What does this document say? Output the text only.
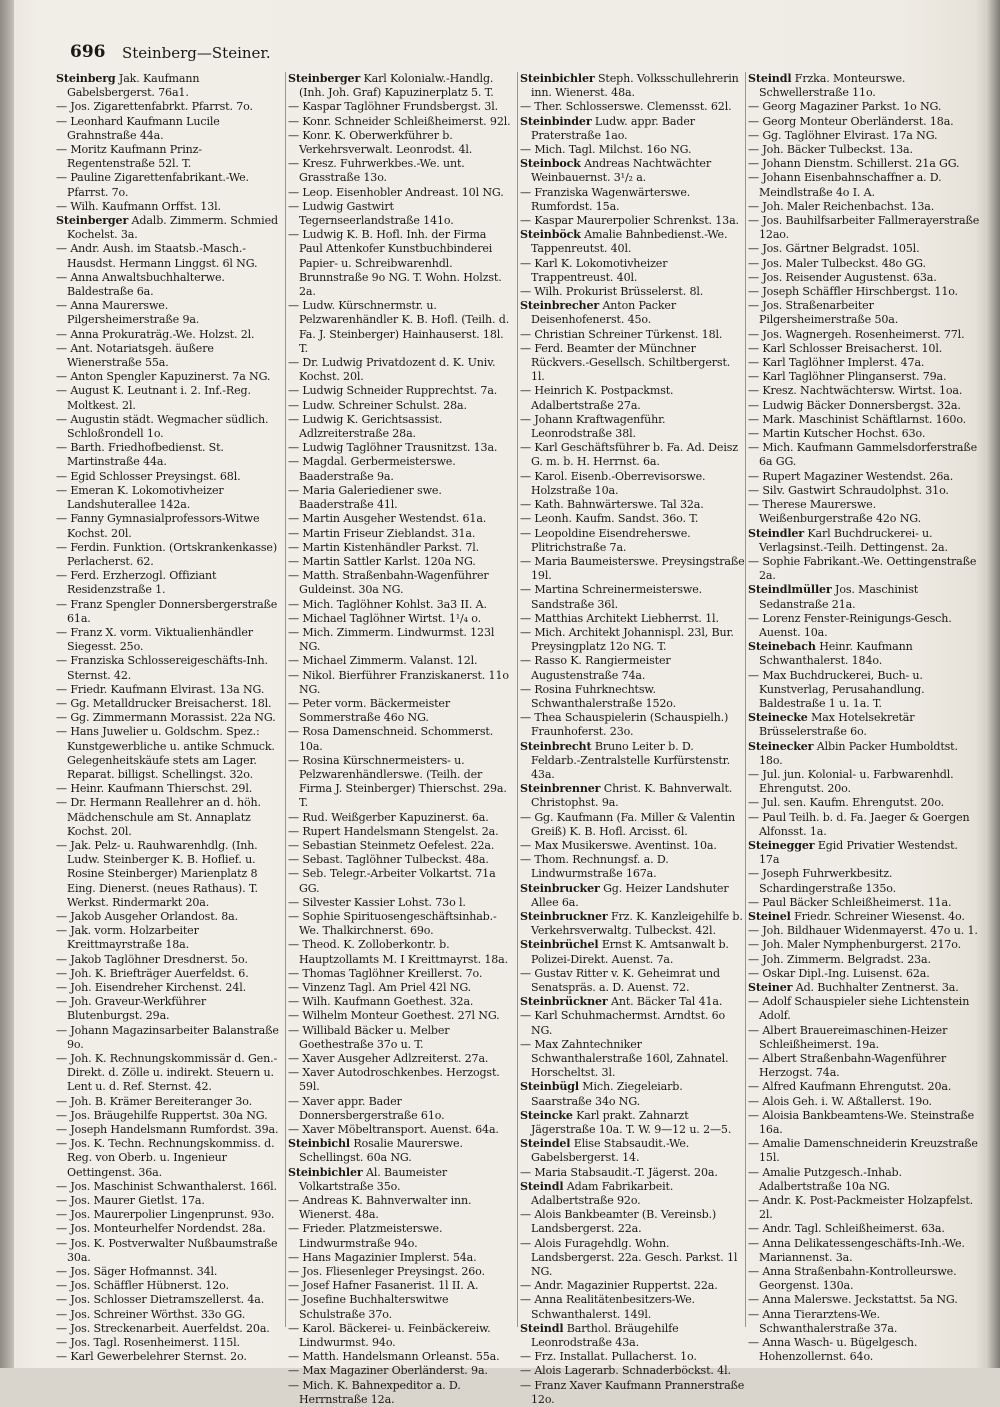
696 Steinberg—Steiner.

Steinberg Jak. Kaufmann Gabelsbergerst. 76a1.

— Jos. Zigarettenfabrkt. Pfarrst. 7o.

— Leonhard Kaufmann Lucile Grahnstraße 44a.

— Moritz Kaufmann Prinz-Regentenstraße 52l. T.

— Pauline Zigarettenfabrikant.-We. Pfarrst. 7o.

— Wilh. Kaufmann Orffst. 13l.

Steinberger Adalb. Zimmerm. Schmied Kochelst. 3a.

— Andr. Aush. im Staatsb.-Masch.-Hausdst. Hermann Linggst. 6l NG.

— Anna Anwaltsbuchhalterwe. Baldestraße 6a.

— Anna Maurerswe. Pilgersheimerstraße 9a.

— Anna Prokuraträg.-We. Holzst. 2l.

— Ant. Notariatsgeh. äußere Wienerstraße 55a.

— Anton Spengler Kapuzinerst. 7a NG.

— August K. Leutnant i. 2. Inf.-Reg. Moltkest. 2l.

— Augustin städt. Wegmacher südlich. Schloßrondell 1o.

— Barth. Friedhofbedienst. St. Martinstraße 44a.

— Egid Schlosser Preysingst. 68l.

— Emeran K. Lokomotivheizer Landshuterallee 142a.

— Fanny Gymnasialprofessors-Witwe Kochst. 20l.

— Ferdin. Funktion. (Ortskrankenkasse) Perlacherst. 62.

— Ferd. Erzherzogl. Offiziant Residenzstraße 1.

— Franz Spengler Donnersbergerstraße 61a.

— Franz X. vorm. Viktualienhändler Siegesst. 25o.

— Franziska Schlossereigeschäfts-Inh. Sternst. 42.

— Friedr. Kaufmann Elvirast. 13a NG.

— Gg. Metalldrucker Breisacherst. 18l.

— Gg. Zimmermann Morassist. 22a NG.

— Hans Juwelier u. Goldschm. Spez.: Kunstgewerbliche u. antike Schmuck. Gelegenheitskäufe stets am Lager. Reparat. billigst. Schellingst. 32o.

— Heinr. Kaufmann Thierschst. 29l.

— Dr. Hermann Reallehrer an d. höh. Mädchenschule am St. Annaplatz Kochst. 20l.

— Jak. Pelz- u. Rauhwarenhdlg. (Inh. Ludw. Steinberger K. B. Hoflief. u. Rosine Steinberger) Marienplatz 8 Eing. Dienerst. (neues Rathaus). T. Werkst. Rindermarkt 20a.

— Jakob Ausgeher Orlandost. 8a.

— Jak. vorm. Holzarbeiter Kreittmayrstraße 18a.

— Jakob Taglöhner Dresdnerst. 5o.

— Joh. K. Briefträger Auerfeldst. 6.

— Joh. Eisendreher Kirchenst. 24l.

— Joh. Graveur-Werkführer Blutenburgst. 29a.

— Johann Magazinsarbeiter Balanstraße 9o.

— Joh. K. Rechnungskommissär d. Gen.-Direkt. d. Zölle u. indirekt. Steuern u. Lent u. d. Ref. Sternst. 42.

— Joh. B. Krämer Bereiteranger 3o.

— Jos. Bräugehilfe Ruppertst. 30a NG.

— Joseph Handelsmann Rumfordst. 39a.

— Jos. K. Techn. Rechnungskommiss. d. Reg. von Oberb. u. Ingenieur Oettingenst. 36a.

— Jos. Maschinist Schwanthalerst. 166l.

— Jos. Maurer Gietlst. 17a.

— Jos. Maurerpolier Lingenprunst. 93o.

— Jos. Monteurhelfer Nordendst. 28a.

— Jos. K. Postverwalter Nußbaumstraße 30a.

— Jos. Säger Hofmannst. 34l.

— Jos. Schäffler Hübnerst. 12o.

— Jos. Schlosser Dietramszellerst. 4a.

— Jos. Schreiner Wörthst. 33o GG.

— Jos. Streckenarbeit. Auerfeldst. 20a.

— Jos. Tagl. Rosenheimerst. 115l.

— Karl Gewerbelehrer Sternst. 2o.

Steinberger Karl Kolonialw.-Handlg. (Inh. Joh. Graf) Kapuzinerplatz 5. T.

— Kaspar Taglöhner Frundsbergst. 3l.

— Konr. Schneider Schleißheimerst. 92l.

— Konr. K. Oberwerkführer b. Verkehrsverwalt. Leonrodst. 4l.

— Kresz. Fuhrwerkbes.-We. unt. Grasstraße 13o.

— Leop. Eisenhobler Andreast. 10l NG.

— Ludwig Gastwirt Tegernseerlandstraße 141o.

— Ludwig K. B. Hofl. Inh. der Firma Paul Attenkofer Kunstbuchbinderei Papier- u. Schreibwarenhdl. Brunnstraße 9o NG. T. Wohn. Holzst. 2a.

— Ludw. Kürschnermstr. u. Pelzwarenhändler K. B. Hofl. (Teilh. d. Fa. J. Steinberger) Hainhauserst. 18l. T.

— Dr. Ludwig Privatdozent d. K. Univ. Kochst. 20l.

— Ludwig Schneider Rupprechtst. 7a.

— Ludw. Schreiner Schulst. 28a.

— Ludwig K. Gerichtsassist. Adlzreiterstraße 28a.

— Ludwig Taglöhner Trausnitzst. 13a.

— Magdal. Gerbermeisterswe. Baaderstraße 9a.

— Maria Galeriediener swe. Baaderstraße 41l.

— Martin Ausgeher Westendst. 61a.

— Martin Friseur Zieblandst. 31a.

— Martin Kistenhändler Parkst. 7l.

— Martin Sattler Karlst. 120a NG.

— Matth. Straßenbahn-Wagenführer Guldeinst. 30a NG.

— Mich. Taglöhner Kohlst. 3a3 II. A.

— Michael Taglöhner Wirtst. 1¹/₄ o.

— Mich. Zimmerm. Lindwurmst. 123l NG.

— Michael Zimmerm. Valanst. 12l.

— Nikol. Bierführer Franziskanerst. 11o NG.

— Peter vorm. Bäckermeister Sommerstraße 46o NG.

— Rosa Damenschneid. Schommerst. 10a.

— Rosina Kürschnermeisters- u. Pelzwarenhändlerswe. (Teilh. der Firma J. Steinberger) Thierschst. 29a. T.

— Rud. Weißgerber Kapuzinerst. 6a.

— Rupert Handelsmann Stengelst. 2a.

— Sebastian Steinmetz Oefelest. 22a.

— Sebast. Taglöhner Tulbeckst. 48a.

— Seb. Telegr.-Arbeiter Volkartst. 71a GG.

— Silvester Kassier Lohst. 73o l.

— Sophie Spirituosengeschäftsinhab.-We. Thalkirchnerst. 69o.

— Theod. K. Zolloberkontr. b. Hauptzollamts M. I Kreittmayrst. 18a.

— Thomas Taglöhner Kreillerst. 7o.

— Vinzenz Tagl. Am Priel 42l NG.

— Wilh. Kaufmann Goethest. 32a.

— Wilhelm Monteur Goethest. 27l NG.

— Willibald Bäcker u. Melber Goethestraße 37o u. T.

— Xaver Ausgeher Adlzreiterst. 27a.

— Xaver Autodroschkenbes. Herzogst. 59l.

— Xaver appr. Bader Donnersbergerstraße 61o.

— Xaver Möbeltransport. Auenst. 64a.

Steinbichl Rosalie Maurerswe. Schellingst. 60a NG.

Steinbichler Al. Baumeister Volkartstraße 35o.

— Andreas K. Bahnverwalter inn. Wienerst. 48a.

— Frieder. Platzmeisterswe. Lindwurmstraße 94o.

— Hans Magazinier Implerst. 54a.

— Jos. Fliesenleger Preysingst. 26o.

— Josef Hafner Fasanerist. 1l II. A.

— Josefine Buchhalterswitwe Schulstraße 37o.

— Karol. Bäckerei- u. Feinbäckereiw. Lindwurmst. 94o.

— Matth. Handelsmann Orleanst. 55a.

— Max Magaziner Oberländerst. 9a.

— Mich. K. Bahnexpeditor a. D. Herrnstraße 12a.

Steinbichler Steph. Volksschullehrerin inn. Wienerst. 48a.

— Ther. Schlosserswe. Clemensst. 62l.

Steinbinder Ludw. appr. Bader Praterstraße 1ao.

— Mich. Tagl. Milchst. 16o NG.

Steinbock Andreas Nachtwächter Weinbauernst. 3¹/₂ a.

— Franziska Wagenwärterswe. Rumfordst. 15a.

— Kaspar Maurerpolier Schrenkst. 13a.

Steinböck Amalie Bahnbedienst.-We. Tappenreutst. 40l.

— Karl K. Lokomotivheizer Trappentreust. 40l.

— Wilh. Prokurist Brüsselerst. 8l.

Steinbrecher Anton Packer Deisenhofenerst. 45o.

— Christian Schreiner Türkenst. 18l.

— Ferd. Beamter der Münchner Rückvers.-Gesellsch. Schiltbergerst. 1l.

— Heinrich K. Postpackmst. Adalbertstraße 27a.

— Johann Kraftwagenführ. Leonrodstraße 38l.

— Karl Geschäftsführer b. Fa. Ad. Deisz G. m. b. H. Herrnst. 6a.

— Karol. Eisenb.-Oberrevisorswe. Holzstraße 10a.

— Kath. Bahnwärterswe. Tal 32a.

— Leonh. Kaufm. Sandst. 36o. T.

— Leopoldine Eisendreherswe. Plitrichstraße 7a.

— Maria Baumeisterswe. Preysingstraße 19l.

— Martina Schreinermeisterswe. Sandstraße 36l.

— Matthias Architekt Liebherrst. 1l.

— Mich. Architekt Johannispl. 23l, Bur. Preysingplatz 12o NG. T.

— Rasso K. Rangiermeister Augustenstraße 74a.

— Rosina Fuhrknechtsw. Schwanthalerstraße 152o.

— Thea Schauspielerin (Schauspielh.) Fraunhoferst. 23o.

Steinbrecht Bruno Leiter b. D. Feldarb.-Zentralstelle Kurfürstenstr. 43a.

Steinbrenner Christ. K. Bahnverwalt. Christophst. 9a.

— Gg. Kaufmann (Fa. Miller & Valentin Greiß) K. B. Hofl. Arcisst. 6l.

— Max Musikerswe. Aventinst. 10a.

— Thom. Rechnungsf. a. D. Lindwurmstraße 167a.

Steinbrucker Gg. Heizer Landshuter Allee 6a.

Steinbruckner Frz. K. Kanzleigehilfe b. Verkehrsverwaltg. Tulbeckst. 42l.

Steinbrüchel Ernst K. Amtsanwalt b. Polizei-Direkt. Auenst. 7a.

— Gustav Ritter v. K. Geheimrat und Senatspräs. a. D. Auenst. 72.

Steinbrückner Ant. Bäcker Tal 41a.

— Karl Schuhmachermst. Arndtst. 6o NG.

— Max Zahntechniker Schwanthalerstraße 160l, Zahnatel. Horscheltst. 3l.

Steinbügl Mich. Ziegeleiarb. Saarstraße 34o NG.

Steincke Karl prakt. Zahnarzt Jägerstraße 10a. T. W. 9—12 u. 2—5.

Steindel Elise Stabsaudit.-We. Gabelsbergerst. 14.

— Maria Stabsaudit.-T. Jägerst. 20a.

Steindl Adam Fabrikarbeit. Adalbertstraße 92o.

— Alois Bankbeamter (B. Vereinsb.) Landsbergerst. 22a.

— Alois Furagehdlg. Wohn. Landsbergerst. 22a. Gesch. Parkst. 1l NG.

— Andr. Magazinier Ruppertst. 22a.

— Anna Realitätenbesitzers-We. Schwanthalerst. 149l.

Steindl Barthol. Bräugehilfe Leonrodstraße 43a.

— Frz. Installat. Pullacherst. 1o.

— Alois Lagerarb. Schnaderböckst. 4l.

— Franz Xaver Kaufmann Prannerstraße 12o.

Steindl Frzka. Monteurswe. Schwellerstraße 11o.

— Georg Magaziner Parkst. 1o NG.

— Georg Monteur Oberländerst. 18a.

— Gg. Taglöhner Elvirast. 17a NG.

— Joh. Bäcker Tulbeckst. 13a.

— Johann Dienstm. Schillerst. 21a GG.

— Johann Eisenbahnschaffner a. D. Meindlstraße 4o I. A.

— Joh. Maler Reichenbachst. 13a.

— Jos. Bauhilfsarbeiter Fallmerayerstraße 12ao.

— Jos. Gärtner Belgradst. 105l.

— Jos. Maler Tulbeckst. 48o GG.

— Jos. Reisender Augustenst. 63a.

— Joseph Schäffler Hirschbergst. 11o.

— Jos. Straßenarbeiter Pilgersheimerstraße 50a.

— Jos. Wagnergeh. Rosenheimerst. 77l.

— Karl Schlosser Breisacherst. 10l.

— Karl Taglöhner Implerst. 47a.

— Karl Taglöhner Plinganserst. 79a.

— Kresz. Nachtwächtersw. Wirtst. 1oa.

— Ludwig Bäcker Donnersbergst. 32a.

— Mark. Maschinist Schäftlarnst. 160o.

— Martin Kutscher Hochst. 63o.

— Mich. Kaufmann Gammelsdorferstraße 6a GG.

— Rupert Magaziner Westendst. 26a.

— Silv. Gastwirt Schraudolphst. 31o.

— Therese Maurerswe. Weißenburgerstraße 42o NG.

Steindler Karl Buchdruckerei- u. Verlagsinst.-Teilh. Dettingenst. 2a.

— Sophie Fabrikant.-We. Oettingenstraße 2a.

Steindlmüller Jos. Maschinist Sedanstraße 21a.

— Lorenz Fenster-Reinigungs-Gesch. Auenst. 10a.

Steinebach Heinr. Kaufmann Schwanthalerst. 184o.

— Max Buchdruckerei, Buch- u. Kunstverlag, Perusahandlung. Baldestraße 1 u. 1a. T.

Steinecke Max Hotelsekretär Brüsselerstraße 6o.

Steinecker Albin Packer Humboldtst. 18o.

— Jul. jun. Kolonial- u. Farbwarenhdl. Ehrengutst. 20o.

— Jul. sen. Kaufm. Ehrengutst. 20o.

— Paul Teilh. b. d. Fa. Jaeger & Goergen Alfonsst. 1a.

Steinegger Egid Privatier Westendst. 17a

— Joseph Fuhrwerkbesitz. Schardingerstraße 135o.

— Paul Bäcker Schleißheimerst. 11a.

Steinel Friedr. Schreiner Wiesenst. 4o.

— Joh. Bildhauer Widenmayerst. 47o u. 1.

— Joh. Maler Nymphenburgerst. 217o.

— Joh. Zimmerm. Belgradst. 23a.

— Oskar Dipl.-Ing. Luisenst. 62a.

Steiner Ad. Buchhalter Zentnerst. 3a.

— Adolf Schauspieler siehe Lichtenstein Adolf.

— Albert Brauereimaschinen-Heizer Schleißheimerst. 19a.

— Albert Straßenbahn-Wagenführer Herzogst. 74a.

— Alfred Kaufmann Ehrengutst. 20a.

— Alois Geh. i. W. Aßtallerst. 19o.

— Aloisia Bankbeamtens-We. Steinstraße 16a.

— Amalie Damenschneiderin Kreuzstraße 15l.

— Amalie Putzgesch.-Inhab. Adalbertstraße 10a NG.

— Andr. K. Post-Packmeister Holzapfelst. 2l.

— Andr. Tagl. Schleißheimerst. 63a.

— Anna Delikatessengeschäfts-Inh.-We. Mariannenst. 3a.

— Anna Straßenbahn-Kontrolleurswe. Georgenst. 130a.

— Anna Malerswe. Jeckstattst. 5a NG.

— Anna Tierarztens-We. Schwanthalerstraße 37a.

— Anna Wasch- u. Bügelgesch. Hohenzollernst. 64o.
